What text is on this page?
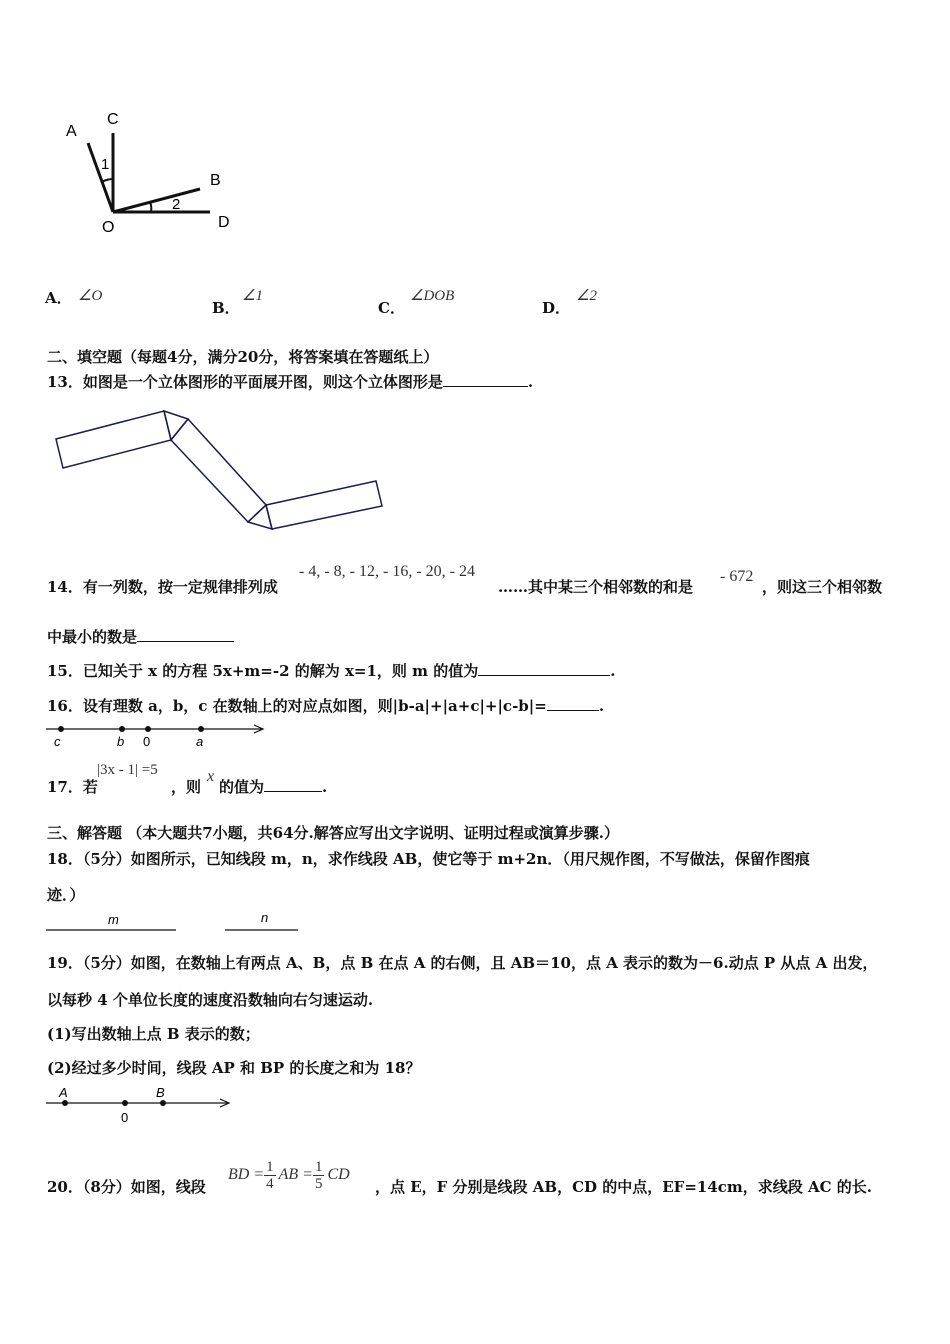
A
C
B
O	D
1
2
A． ∠O
B．
∠1
C．
∠DOB
D．
∠2
二、填空题（每题4分，满分20分，将答案填在答题纸上）
13．如图是一个立体图形的平面展开图，则这个立体图形是	.
14．有一列数，按一定规律排列成
- 4, - 8, - 12, - 16, - 20, - 24
……其中某三个相邻数的和是
- 672
，则这三个相邻数
中最小的数是
15．已知关于 x 的方程 5x+m=-2 的解为 x=1，则 m 的值为	.
16．设有理数 a，b，c 在数轴上的对应点如图，则|b-a|+|a+c|+|c-b|=	.
c	b 0	a
17．若
|3x - 1| =5
，则
x
的值为	.
三、解答题 （本大题共7小题，共64分.解答应写出文字说明、证明过程或演算步骤.）
18．（5分）如图所示，已知线段 m，n，求作线段 AB，使它等于 m+2n．（用尺规作图，不写做法，保留作图痕
迹．）
m	n
19．（5分）如图，在数轴上有两点 A、B，点 B 在点 A 的右侧，且 AB＝10，点 A 表示的数为－6.动点 P 从点 A 出发，
以每秒 4 个单位长度的速度沿数轴向右匀速运动.
(1)写出数轴上点 B 表示的数；
(2)经过多少时间，线段 AP 和 BP 的长度之和为 18？
A
0
B
20．（8分）如图，线段
BD = $\frac{1}{4}$ AB = $\frac{1}{5}$ CD
，点 E，F 分别是线段 AB，CD 的中点，EF=14cm，求线段 AC 的长.
